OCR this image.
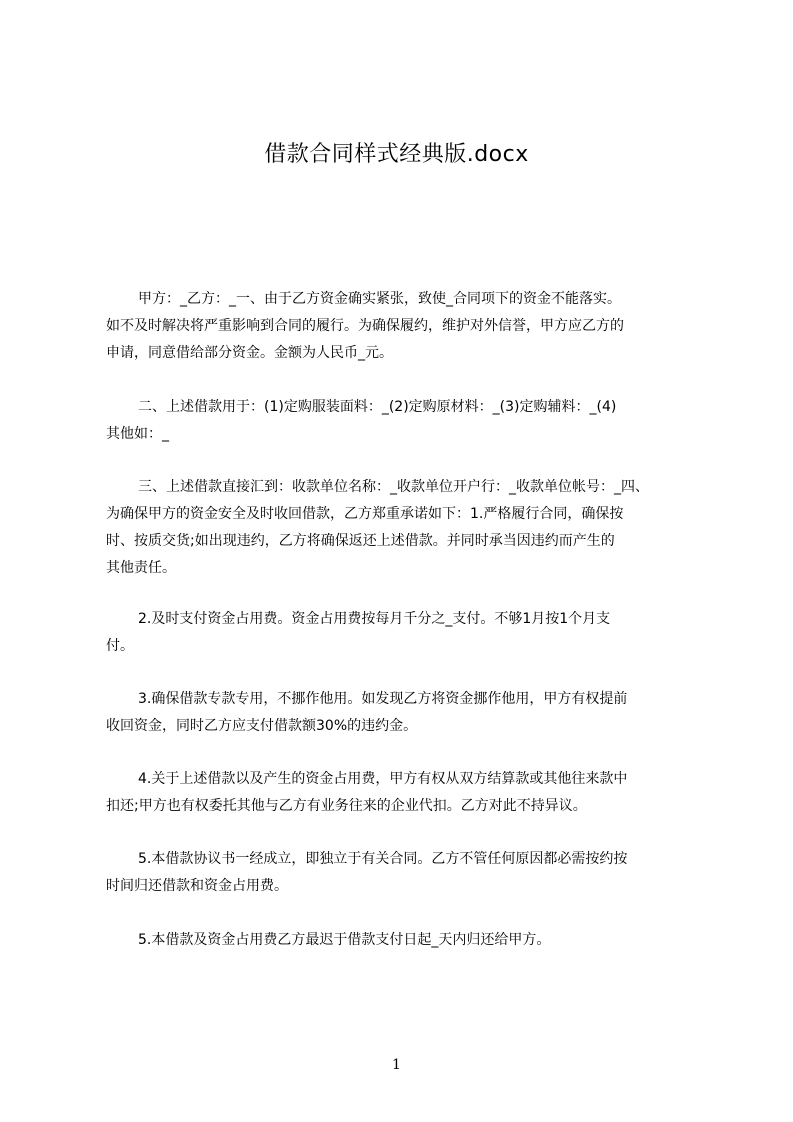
借款合同样式经典版.docx
甲方：_乙方：_一、由于乙方资金确实紧张，致使_合同项下的资金不能落实。
如不及时解决将严重影响到合同的履行。为确保履约，维护对外信誉，甲方应乙方的
申请，同意借给部分资金。金额为人民币_元。
二、上述借款用于：(1)定购服装面料：_(2)定购原材料：_(3)定购辅料：_(4)
其他如：_
三、上述借款直接汇到：收款单位名称：_收款单位开户行：_收款单位帐号：_四、
为确保甲方的资金安全及时收回借款，乙方郑重承诺如下：1.严格履行合同，确保按
时、按质交货;如出现违约，乙方将确保返还上述借款。并同时承当因违约而产生的
其他责任。
2.及时支付资金占用费。资金占用费按每月千分之_支付。不够1月按1个月支
付。
3.确保借款专款专用，不挪作他用。如发现乙方将资金挪作他用，甲方有权提前
收回资金，同时乙方应支付借款额30%的违约金。
4.关于上述借款以及产生的资金占用费，甲方有权从双方结算款或其他往来款中
扣还;甲方也有权委托其他与乙方有业务往来的企业代扣。乙方对此不持异议。
5.本借款协议书一经成立，即独立于有关合同。乙方不管任何原因都必需按约按
时间归还借款和资金占用费。
5.本借款及资金占用费乙方最迟于借款支付日起_天内归还给甲方。
1
